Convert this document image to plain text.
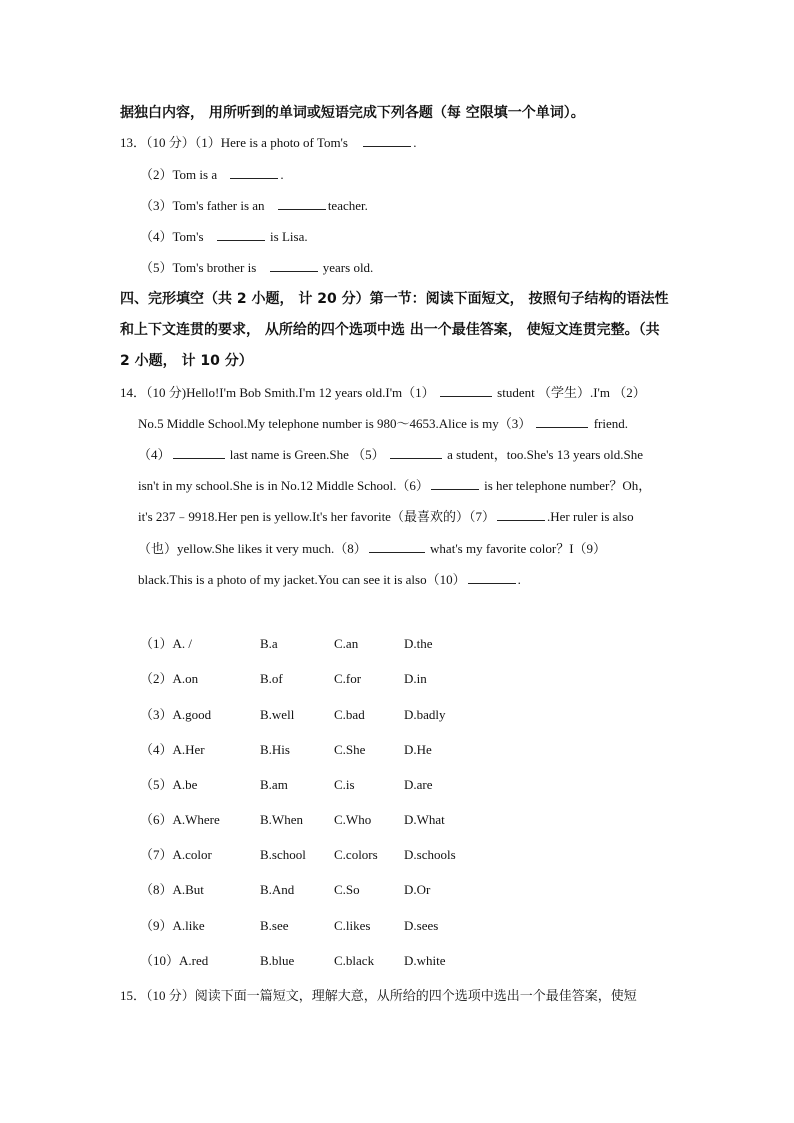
据独白内容， 用所听到的单词或短语完成下列各题（每 空限填一个单词）。
13．（10 分）（1）Here is a photo of Tom's	.
（2）Tom is a	.
（3）Tom's father is an	teacher.
（4）Tom's	is Lisa.
（5）Tom's brother is	years old.
四、完形填空（共 2 小题， 计 20 分）第一节：阅读下面短文， 按照句子结构的语法性
和上下文连贯的要求， 从所给的四个选项中选 出一个最佳答案， 使短文连贯完整。（共
2 小题， 计 10 分）
14．（10 分)Hello!I'm Bob Smith.I'm 12 years old.I'm（1）	student （学生）.I'm （2）
No.5 Middle School.My telephone number is 980～4653.Alice is my（3）	friend.
（4）	last name is Green.She （5）	a student，too.She's 13 years old.She
isn't in my school.She is in No.12 Middle School.（6）	is her telephone number？Oh，
it's 237﹣9918.Her pen is yellow.It's her favorite（最喜欢的）（7）	.Her ruler is also
（也）yellow.She likes it very much.（8）	what's my favorite color？I（9）
black.This is a photo of my jacket.You can see it is also（10）	.
（1）A. /	B.a	C.an	D.the
（2）A.on	B.of	C.for	D.in
（3）A.good	B.well	C.bad	D.badly
（4）A.Her	B.His	C.She	D.He
（5）A.be	B.am	C.is	D.are
（6）A.Where	B.When C.Who	D.What
（7）A.color	B.school C.colors D.schools
（8）A.But	B.And	C.So	D.Or
（9）A.like	B.see	C.likes	D.sees
（10）A.red	B.blue	C.black D.white
15．（10 分）阅读下面一篇短文，理解大意，从所给的四个选项中选出一个最佳答案，使短
